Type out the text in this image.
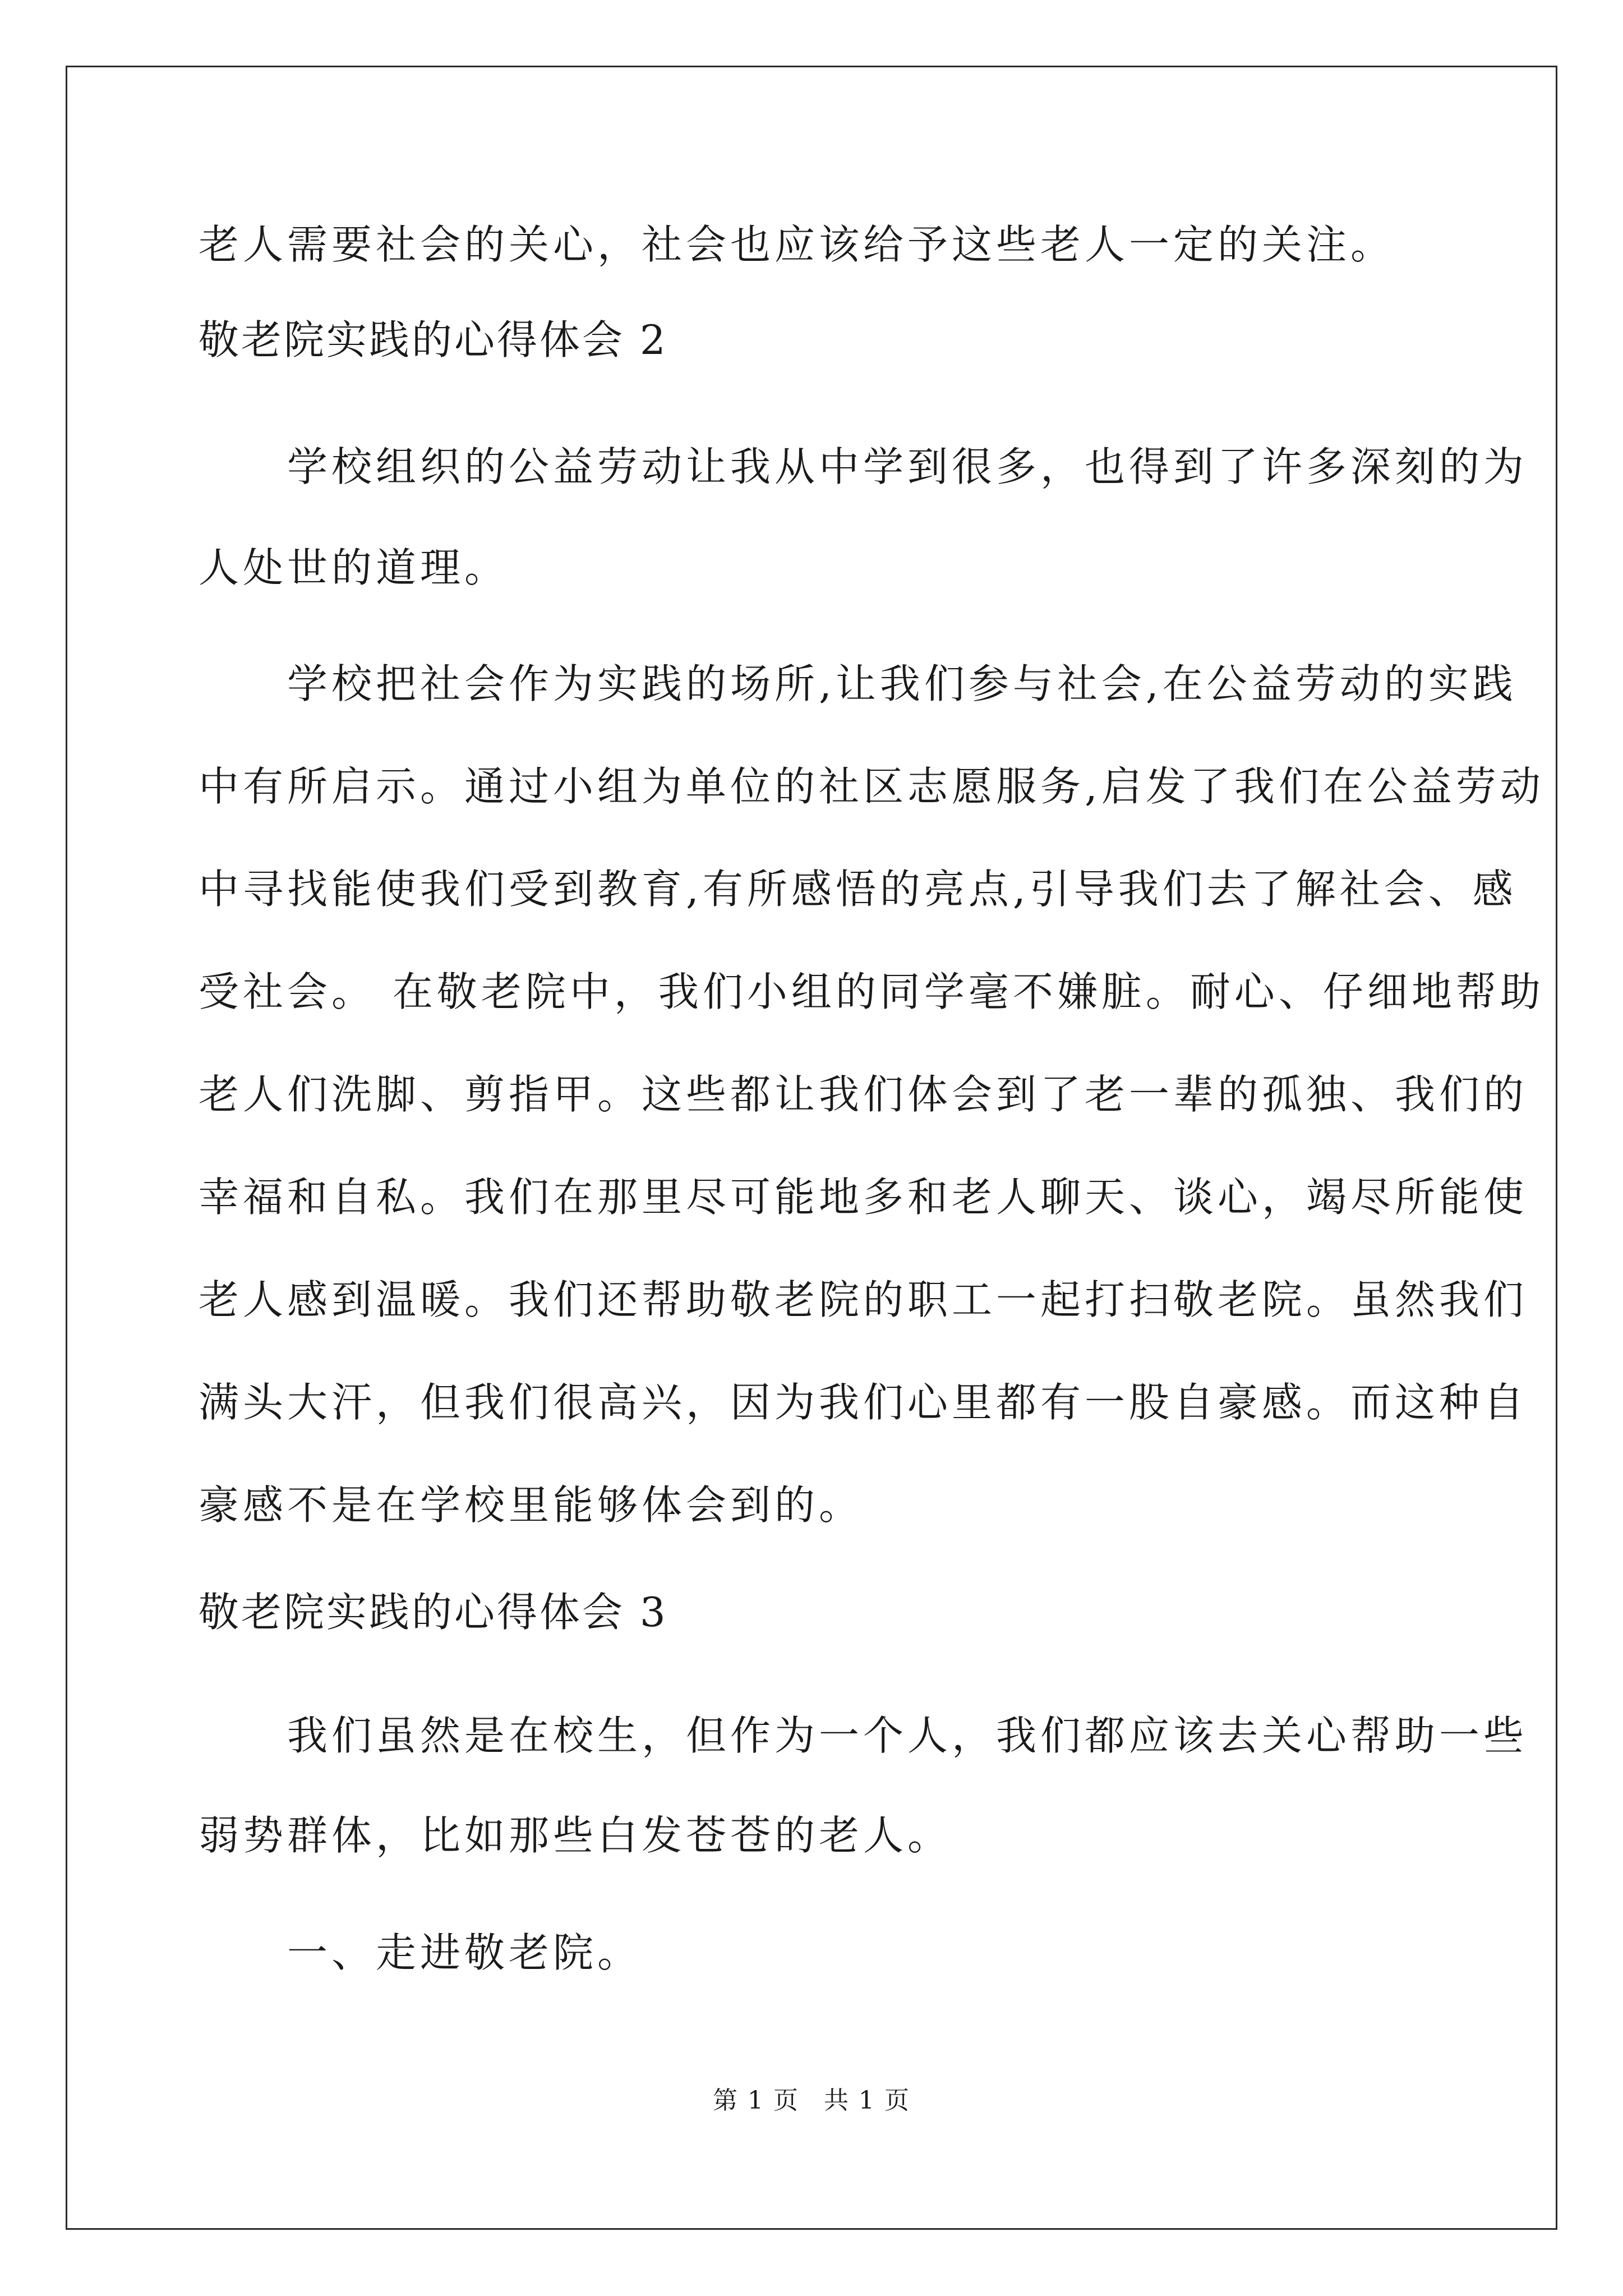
老人需要社会的关心，社会也应该给予这些老人一定的关注。
敬老院实践的心得体会 2
　　学校组织的公益劳动让我从中学到很多，也得到了许多深刻的为
人处世的道理。
　　学校把社会作为实践的场所,让我们参与社会,在公益劳动的实践
中有所启示。通过小组为单位的社区志愿服务,启发了我们在公益劳动
中寻找能使我们受到教育,有所感悟的亮点,引导我们去了解社会、感
受社会。 在敬老院中，我们小组的同学毫不嫌脏。耐心、仔细地帮助
老人们洗脚、剪指甲。这些都让我们体会到了老一辈的孤独、我们的
幸福和自私。我们在那里尽可能地多和老人聊天、谈心，竭尽所能使
老人感到温暖。我们还帮助敬老院的职工一起打扫敬老院。虽然我们
满头大汗，但我们很高兴，因为我们心里都有一股自豪感。而这种自
豪感不是在学校里能够体会到的。
敬老院实践的心得体会 3
　　我们虽然是在校生，但作为一个人，我们都应该去关心帮助一些
弱势群体，比如那些白发苍苍的老人。
　　一、走进敬老院。
第 1 页 共 1 页
